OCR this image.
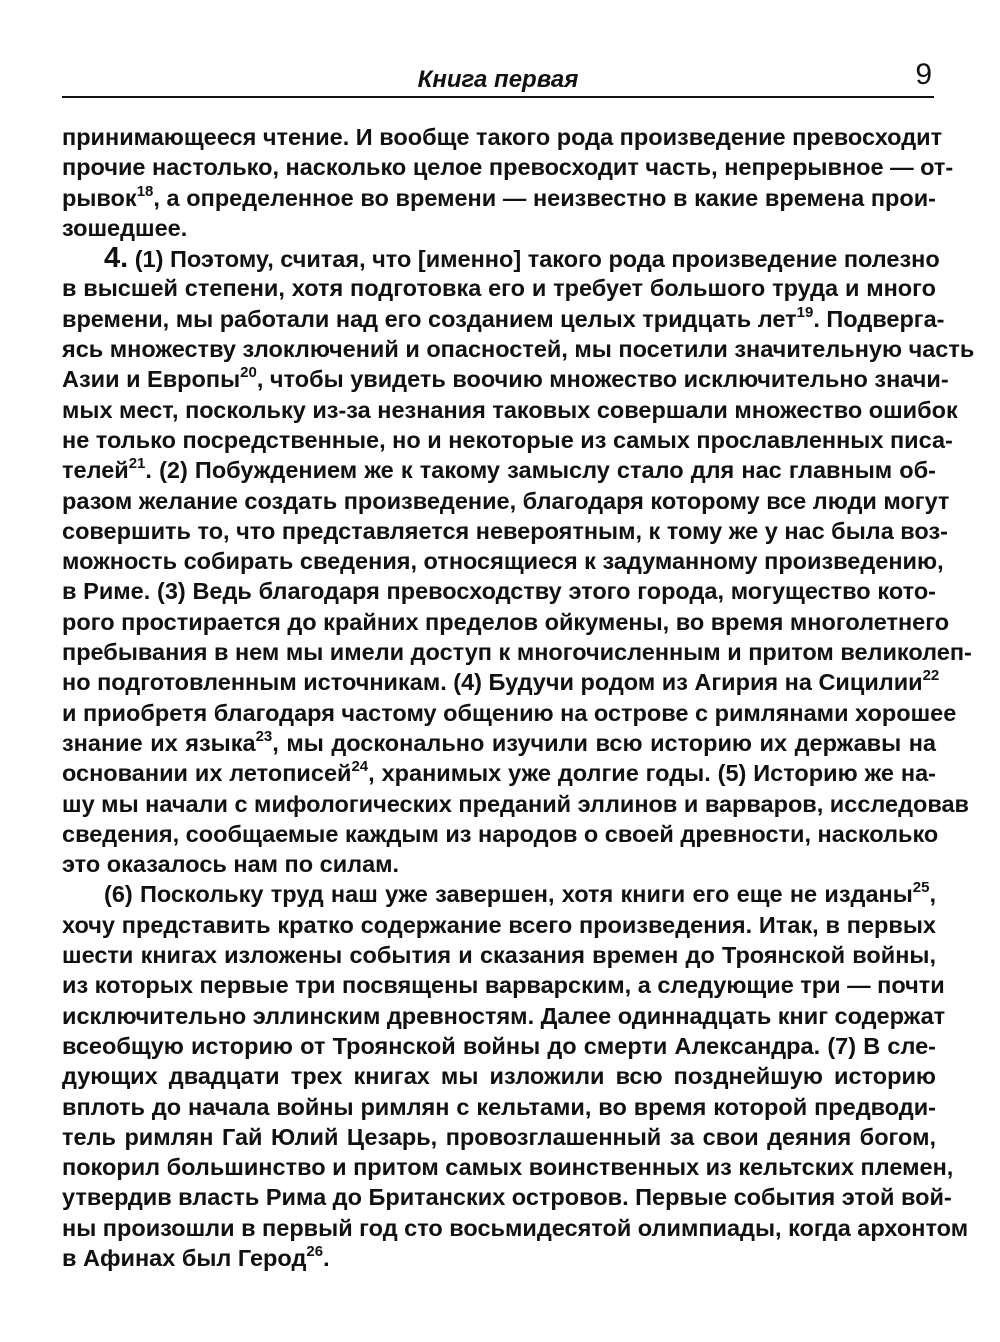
Книга первая	9
принимающееся чтение. И вообще такого рода произведение превосходит
прочие настолько, насколько целое превосходит часть, непрерывное — от-
рывок$^{18}$, а определенное во времени — неизвестно в какие времена прои-
зошедшее.
4. (1) Поэтому, считая, что [именно] такого рода произведение полезно
в высшей степени, хотя подготовка его и требует большого труда и много
времени, мы работали над его созданием целых тридцать лет$^{19}$. Подверга-
ясь множеству злоключений и опасностей, мы посетили значительную часть
Азии и Европы$^{20}$, чтобы увидеть воочию множество исключительно значи-
мых мест, поскольку из-за незнания таковых совершали множество ошибок
не только посредственные, но и некоторые из самых прославленных писа-
телей$^{21}$. (2) Побуждением же к такому замыслу стало для нас главным об-
разом желание создать произведение, благодаря которому все люди могут
совершить то, что представляется невероятным, к тому же у нас была воз-
можность собирать сведения, относящиеся к задуманному произведению,
в Риме. (3) Ведь благодаря превосходству этого города, могущество кото-
рого простирается до крайних пределов ойкумены, во время многолетнего
пребывания в нем мы имели доступ к многочисленным и притом великолеп-
но подготовленным источникам. (4) Будучи родом из Агирия на Сицилии$^{22}$
и приобретя благодаря частому общению на острове с римлянами хорошее
знание их языка$^{23}$, мы досконально изучили всю историю их державы на
основании их летописей$^{24}$, хранимых уже долгие годы. (5) Историю же на-
шу мы начали с мифологических преданий эллинов и варваров, исследовав
сведения, сообщаемые каждым из народов о своей древности, насколько
это оказалось нам по силам.
(6) Поскольку труд наш уже завершен, хотя книги его еще не изданы$^{25}$,
хочу представить кратко содержание всего произведения. Итак, в первых
шести книгах изложены события и сказания времен до Троянской войны,
из которых первые три посвящены варварским, а следующие три — почти
исключительно эллинским древностям. Далее одиннадцать книг содержат
всеобщую историю от Троянской войны до смерти Александра. (7) В сле-
дующих двадцати трех книгах мы изложили всю позднейшую историю
вплоть до начала войны римлян с кельтами, во время которой предводи-
тель римлян Гай Юлий Цезарь, провозглашенный за свои деяния богом,
покорил большинство и притом самых воинственных из кельтских племен,
утвердив власть Рима до Британских островов. Первые события этой вой-
ны произошли в первый год сто восьмидесятой олимпиады, когда архонтом
в Афинах был Герод$^{26}$.
